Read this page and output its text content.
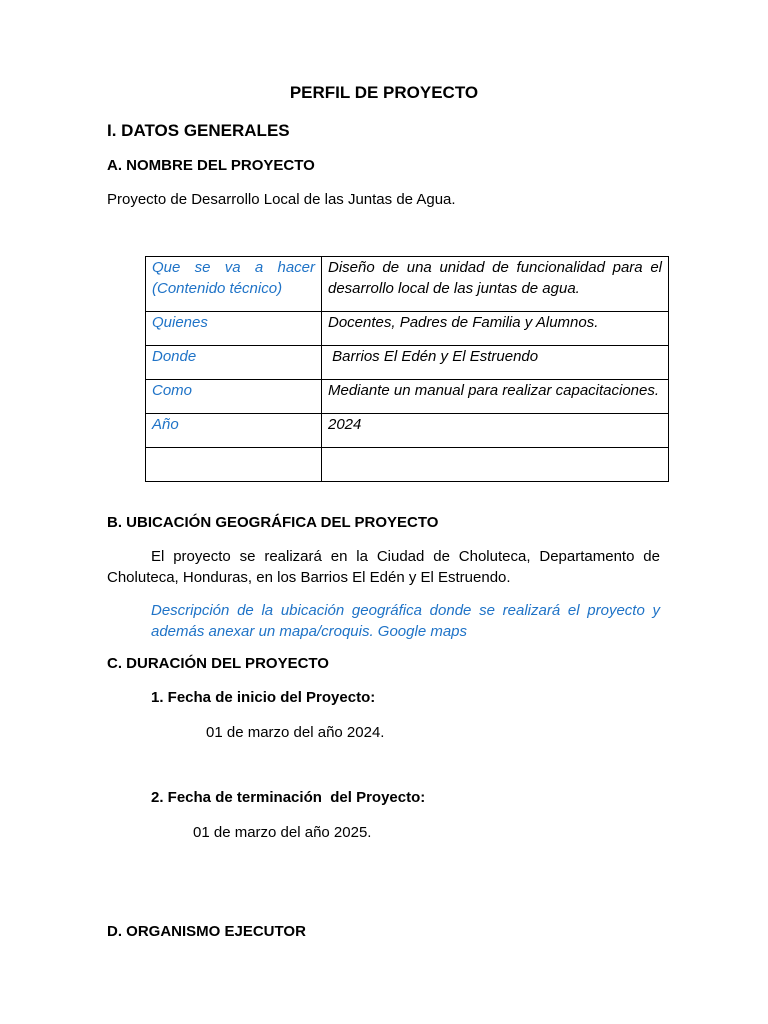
PERFIL DE PROYECTO
I. DATOS GENERALES
A. NOMBRE DEL PROYECTO
Proyecto de Desarrollo Local de las Juntas de Agua.
Que se va a hacer
(Contenido técnico)	Diseño de una unidad de funcionalidad para el desarrollo local de las juntas de agua.
Quienes	Docentes, Padres de Familia y Alumnos.
Donde	Barrios El Edén y El Estruendo
Como	Mediante un manual para realizar capacitaciones.
Año	2024

B. UBICACIÓN GEOGRÁFICA DEL PROYECTO
El proyecto se realizará en la Ciudad de Choluteca, Departamento de Choluteca, Honduras, en los Barrios El Edén y El Estruendo.
Descripción de la ubicación geográfica donde se realizará el proyecto y además anexar un mapa/croquis. Google maps
C. DURACIÓN DEL PROYECTO
1. Fecha de inicio del Proyecto:
01 de marzo del año 2024.
2. Fecha de terminación  del Proyecto:
01 de marzo del año 2025.
D. ORGANISMO EJECUTOR
